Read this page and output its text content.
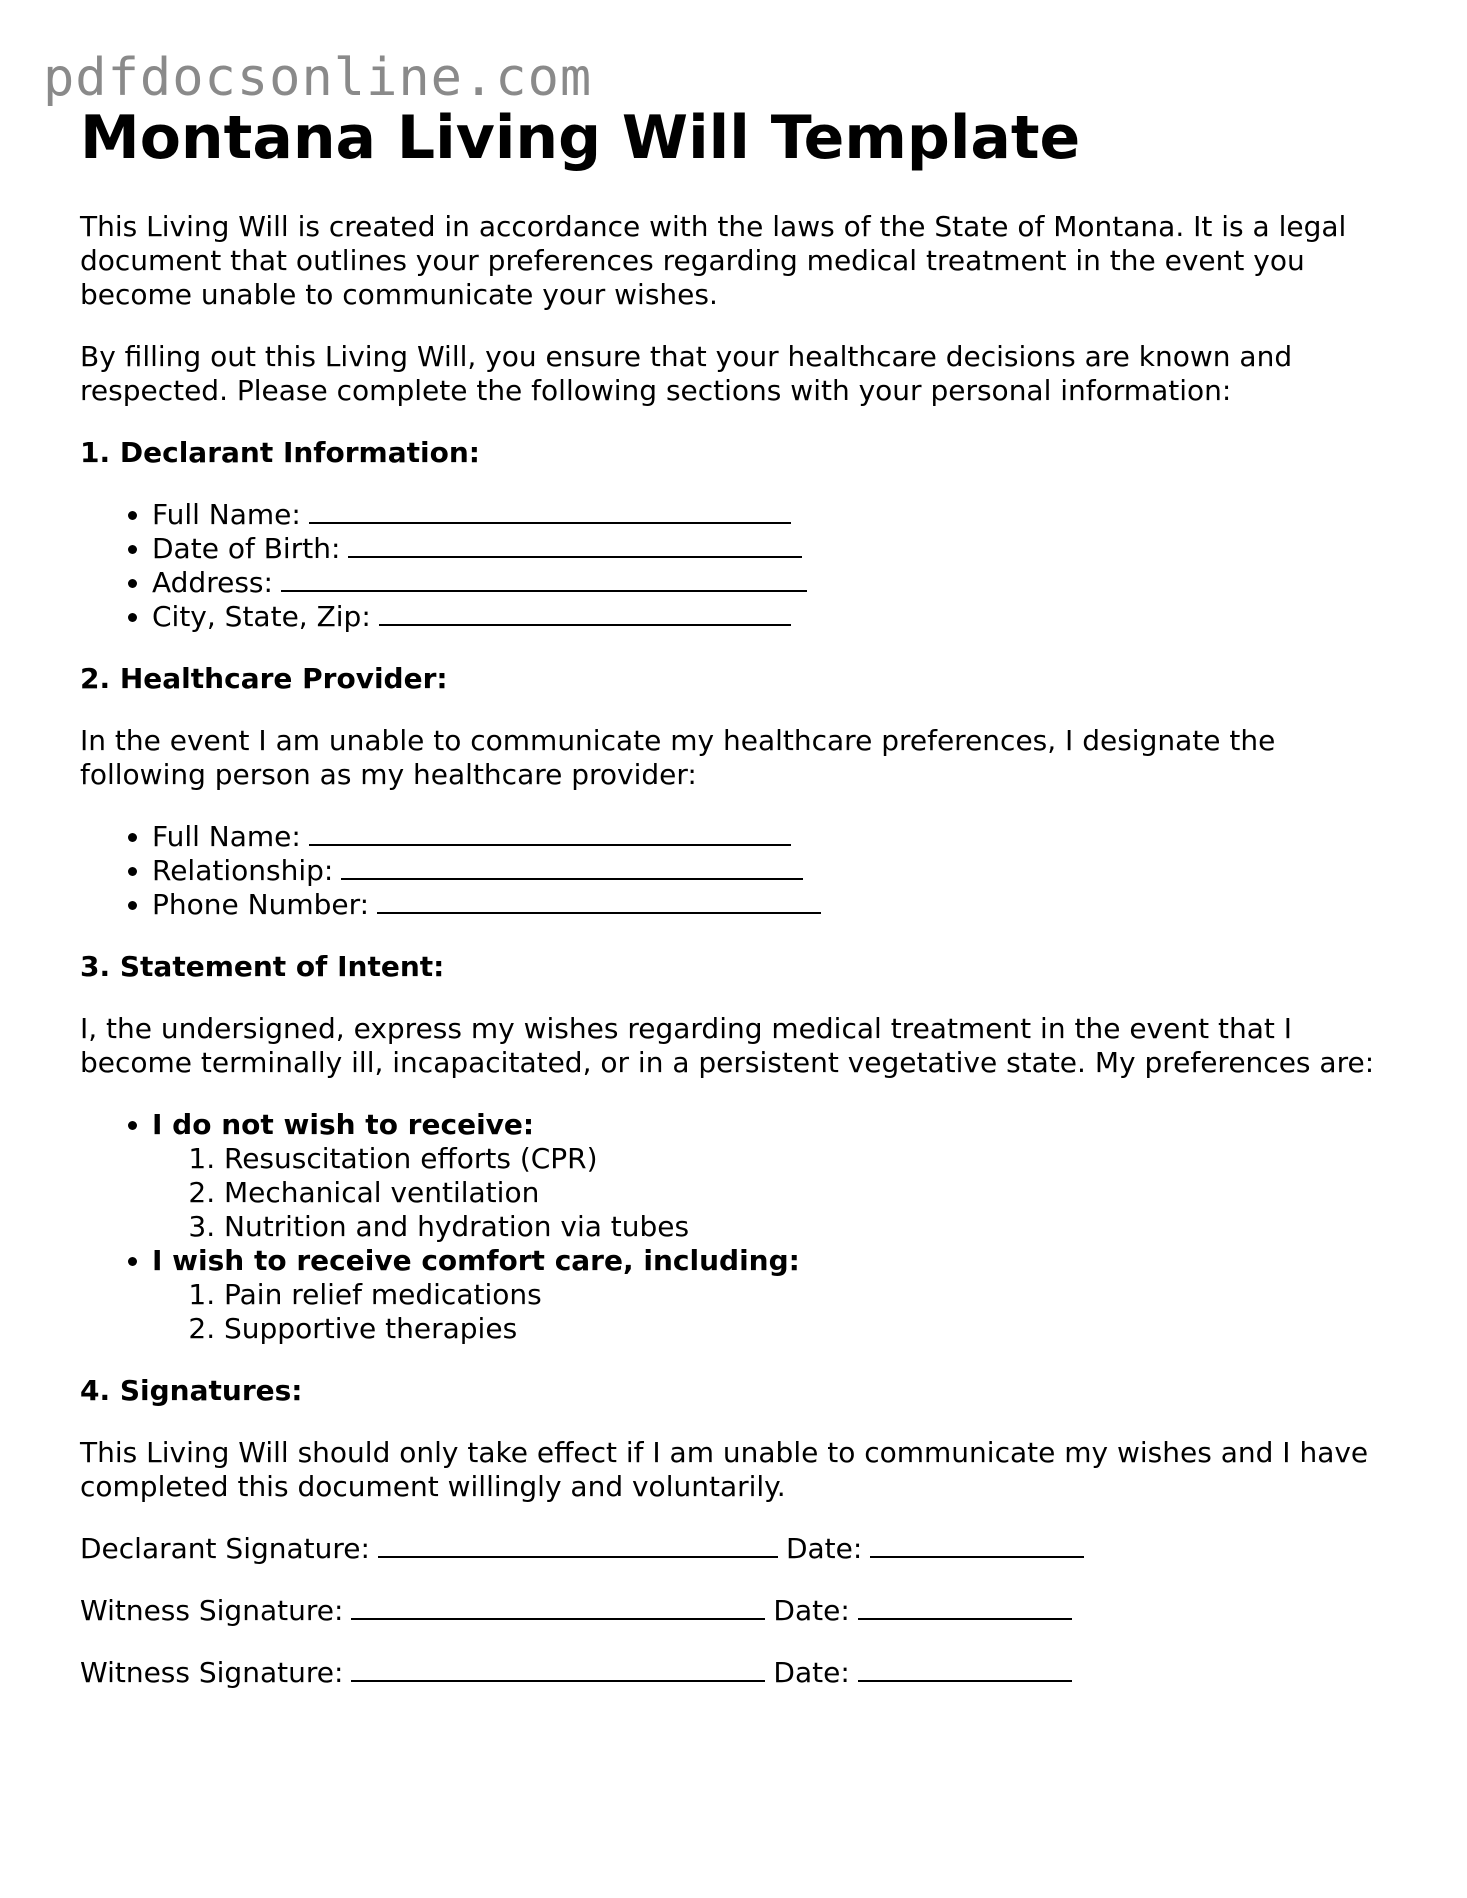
pdfdocsonline.com
Montana Living Will Template

This Living Will is created in accordance with the laws of the State of Montana. It is a legal document that outlines your preferences regarding medical treatment in the event you become unable to communicate your wishes.

By filling out this Living Will, you ensure that your healthcare decisions are known and respected. Please complete the following sections with your personal information:

1. Declarant Information:
• Full Name:
• Date of Birth:
• Address:
• City, State, Zip:
2. Healthcare Provider:

In the event I am unable to communicate my healthcare preferences, I designate the following person as my healthcare provider:

• Full Name:
• Relationship:
• Phone Number:
3. Statement of Intent:

I, the undersigned, express my wishes regarding medical treatment in the event that I become terminally ill, incapacitated, or in a persistent vegetative state. My preferences are:

• I do not wish to receive:
1. Resuscitation efforts (CPR)
2. Mechanical ventilation
3. Nutrition and hydration via tubes
• I wish to receive comfort care, including:
1. Pain relief medications
2. Supportive therapies
4. Signatures:

This Living Will should only take effect if I am unable to communicate my wishes and I have completed this document willingly and voluntarily.

Declarant Signature:	Date:
Witness Signature:	Date:
Witness Signature:	Date:
